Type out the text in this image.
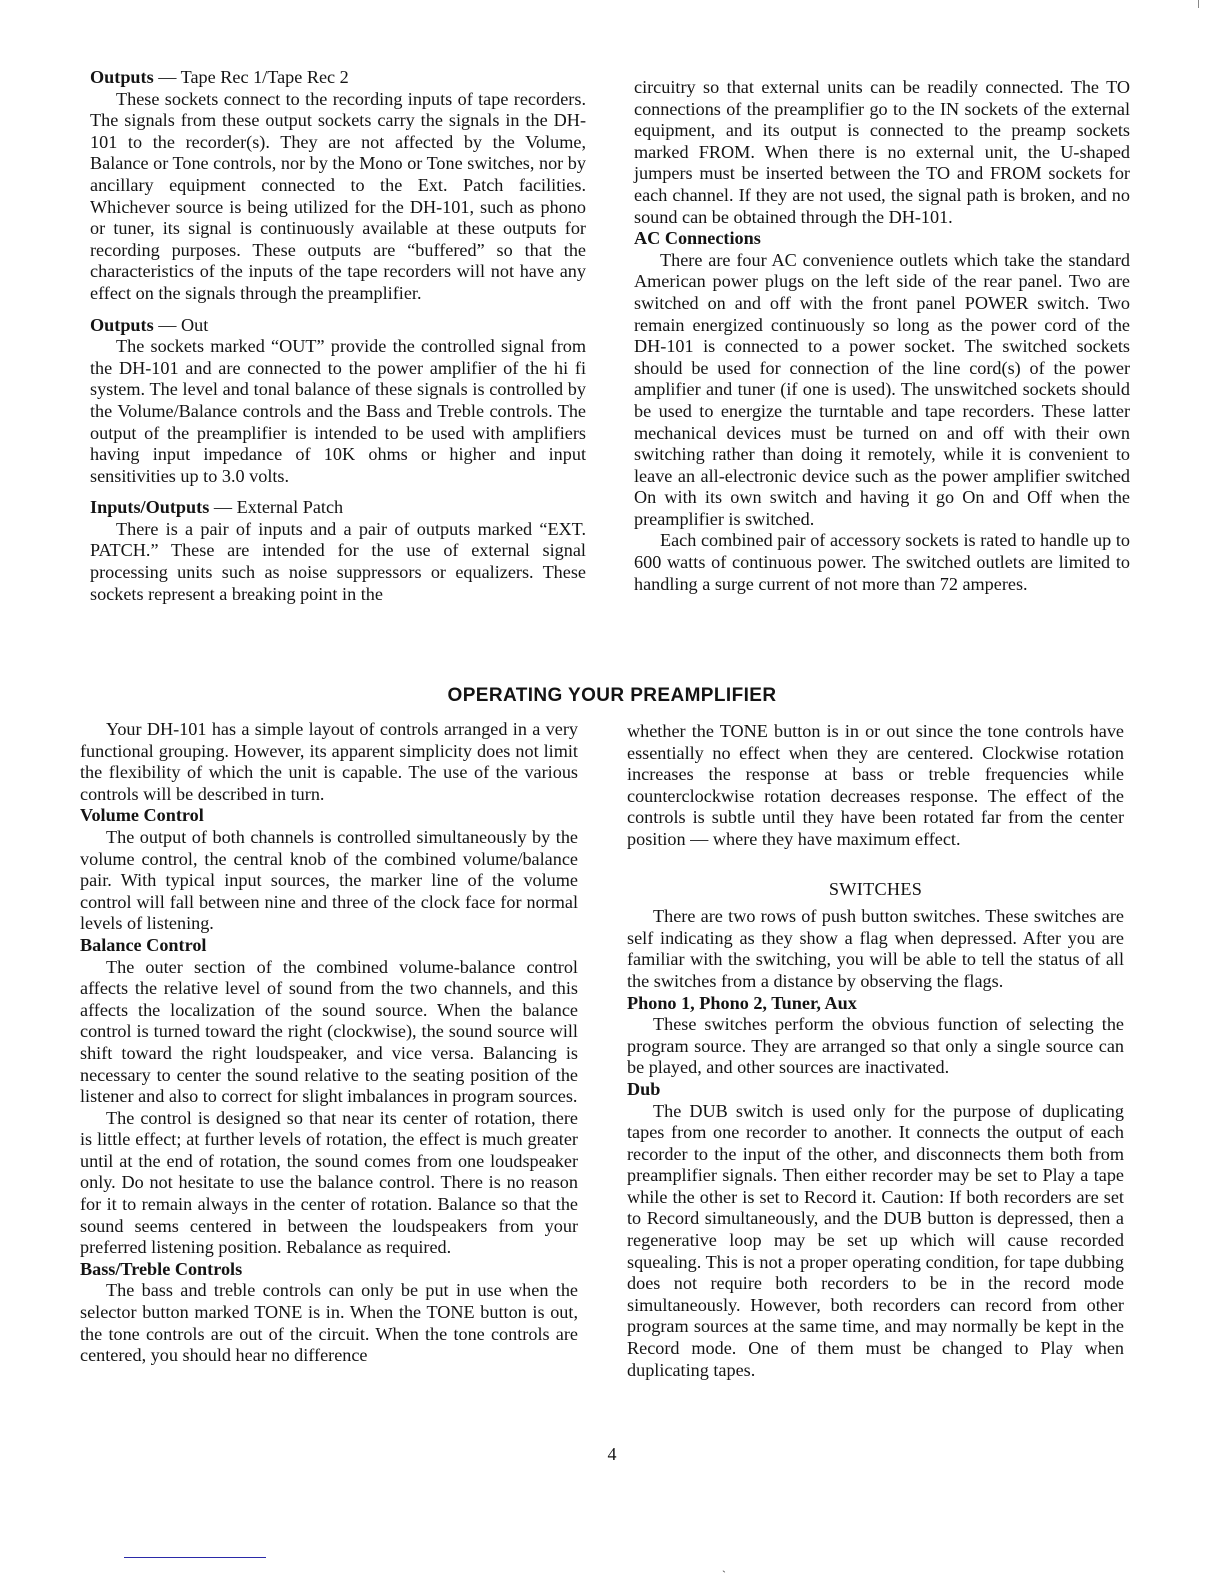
Outputs — Tape Rec 1/Tape Rec 2

These sockets connect to the recording inputs of tape recorders. The signals from these output sockets carry the signals in the DH-101 to the recorder(s). They are not affected by the Volume, Balance or Tone controls, nor by the Mono or Tone switches, nor by ancillary equipment connected to the Ext. Patch facilities. Whichever source is being utilized for the DH-101, such as phono or tuner, its signal is continuously available at these outputs for recording purposes. These outputs are “buffered” so that the characteristics of the inputs of the tape recorders will not have any effect on the signals through the preamplifier.

Outputs — Out

The sockets marked “OUT” provide the controlled signal from the DH-101 and are connected to the power amplifier of the hi fi system. The level and tonal balance of these signals is controlled by the Volume/Balance controls and the Bass and Treble controls. The output of the preamplifier is intended to be used with amplifiers having input impedance of 10K ohms or higher and input sensitivities up to 3.0 volts.

Inputs/Outputs — External Patch

There is a pair of inputs and a pair of outputs marked “EXT. PATCH.” These are intended for the use of external signal processing units such as noise suppressors or equalizers. These sockets represent a breaking point in the

circuitry so that external units can be readily connected. The TO connections of the preamplifier go to the IN sockets of the external equipment, and its output is connected to the preamp sockets marked FROM. When there is no external unit, the U-shaped jumpers must be inserted between the TO and FROM sockets for each channel. If they are not used, the signal path is broken, and no sound can be obtained through the DH-101.

AC Connections

There are four AC convenience outlets which take the standard American power plugs on the left side of the rear panel. Two are switched on and off with the front panel POWER switch. Two remain energized continuously so long as the power cord of the DH-101 is connected to a power socket. The switched sockets should be used for connection of the line cord(s) of the power amplifier and tuner (if one is used). The unswitched sockets should be used to energize the turntable and tape recorders. These latter mechanical devices must be turned on and off with their own switching rather than doing it remotely, while it is convenient to leave an all-electronic device such as the power amplifier switched On with its own switch and having it go On and Off when the preamplifier is switched.

Each combined pair of accessory sockets is rated to handle up to 600 watts of continuous power. The switched outlets are limited to handling a surge current of not more than 72 amperes.

OPERATING YOUR PREAMPLIFIER

Your DH-101 has a simple layout of controls arranged in a very functional grouping. However, its apparent simplicity does not limit the flexibility of which the unit is capable. The use of the various controls will be described in turn.

Volume Control

The output of both channels is controlled simultaneously by the volume control, the central knob of the combined volume/balance pair. With typical input sources, the marker line of the volume control will fall between nine and three of the clock face for normal levels of listening.

Balance Control

The outer section of the combined volume-balance control affects the relative level of sound from the two channels, and this affects the localization of the sound source. When the balance control is turned toward the right (clockwise), the sound source will shift toward the right loudspeaker, and vice versa. Balancing is necessary to center the sound relative to the seating position of the listener and also to correct for slight imbalances in program sources.

The control is designed so that near its center of rotation, there is little effect; at further levels of rotation, the effect is much greater until at the end of rotation, the sound comes from one loudspeaker only. Do not hesitate to use the balance control. There is no reason for it to remain always in the center of rotation. Balance so that the sound seems centered in between the loudspeakers from your preferred listening position. Rebalance as required.

Bass/Treble Controls

The bass and treble controls can only be put in use when the selector button marked TONE is in. When the TONE button is out, the tone controls are out of the circuit. When the tone controls are centered, you should hear no difference

whether the TONE button is in or out since the tone controls have essentially no effect when they are centered. Clockwise rotation increases the response at bass or treble frequencies while counterclockwise rotation decreases response. The effect of the controls is subtle until they have been rotated far from the center position — where they have maximum effect.

SWITCHES

There are two rows of push button switches. These switches are self indicating as they show a flag when depressed. After you are familiar with the switching, you will be able to tell the status of all the switches from a distance by observing the flags.

Phono 1, Phono 2, Tuner, Aux

These switches perform the obvious function of selecting the program source. They are arranged so that only a single source can be played, and other sources are inactivated.

Dub

The DUB switch is used only for the purpose of duplicating tapes from one recorder to another. It connects the output of each recorder to the input of the other, and disconnects them both from preamplifier signals. Then either recorder may be set to Play a tape while the other is set to Record it. Caution: If both recorders are set to Record simultaneously, and the DUB button is depressed, then a regenerative loop may be set up which will cause recorded squealing. This is not a proper operating condition, for tape dubbing does not require both recorders to be in the record mode simultaneously. However, both recorders can record from other program sources at the same time, and may normally be kept in the Record mode. One of them must be changed to Play when duplicating tapes.

4
`
